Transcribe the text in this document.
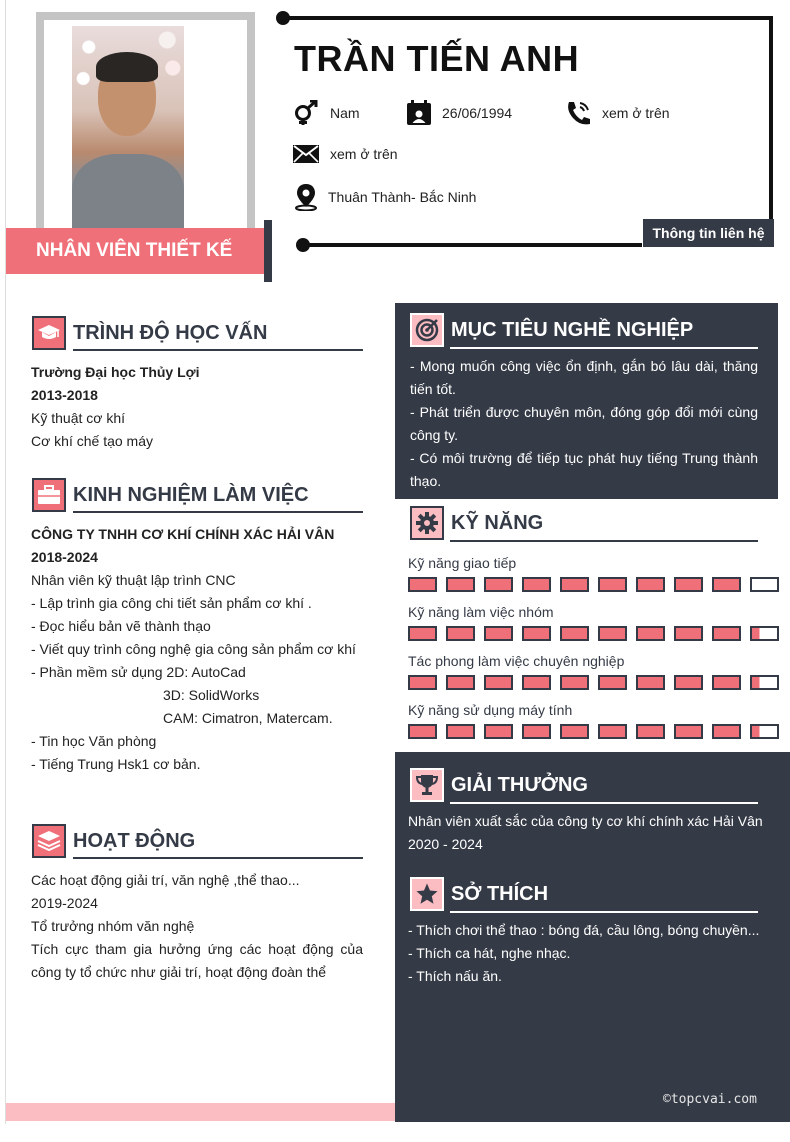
NHÂN VIÊN THIẾT KẾ
TRẦN TIẾN ANH
Nam	26/06/1994	xem ở trên
xem ở trên
Thuân Thành- Bắc Ninh
Thông tin liên hệ
TRÌNH ĐỘ HỌC VẤN
Trường Đại học Thủy Lợi
2013-2018
Kỹ thuật cơ khí
Cơ khí chế tạo máy
KINH NGHIỆM LÀM VIỆC
CÔNG TY TNHH CƠ KHÍ CHÍNH XÁC HẢI VÂN
2018-2024
Nhân viên kỹ thuật lập trình CNC
- Lập trình gia công chi tiết sản phẩm cơ khí .
- Đọc hiểu bản vẽ thành thạo
- Viết quy trình công nghệ gia công sản phẩm cơ khí
- Phần mềm sử dụng 2D: AutoCad
3D: SolidWorks
CAM: Cimatron, Matercam.
- Tin học Văn phòng
- Tiếng Trung Hsk1 cơ bản.
HOẠT ĐỘNG
Các hoạt động giải trí, văn nghệ ,thể thao...
2019-2024
Tổ trưởng nhóm văn nghệ
Tích cực tham gia hưởng ứng các hoạt động của công ty tổ chức như giải trí, hoạt động đoàn thể
MỤC TIÊU NGHỀ NGHIỆP
- Mong muốn công việc ổn định, gắn bó lâu dài, thăng tiến tốt.
- Phát triển được chuyên môn, đóng góp đổi mới cùng công ty.
- Có môi trường để tiếp tục phát huy tiếng Trung thành thạo.
KỸ NĂNG
Kỹ năng giao tiếp
Kỹ năng làm việc nhóm
Tác phong làm việc chuyên nghiệp
Kỹ năng sử dụng máy tính
GIẢI THƯỞNG
Nhân viên xuất sắc của công ty cơ khí chính xác Hải Vân
2020 - 2024
SỞ THÍCH
- Thích chơi thể thao : bóng đá, cầu lông, bóng chuyền...
- Thích ca hát, nghe nhạc.
- Thích nấu ăn.
©topcvai.com
